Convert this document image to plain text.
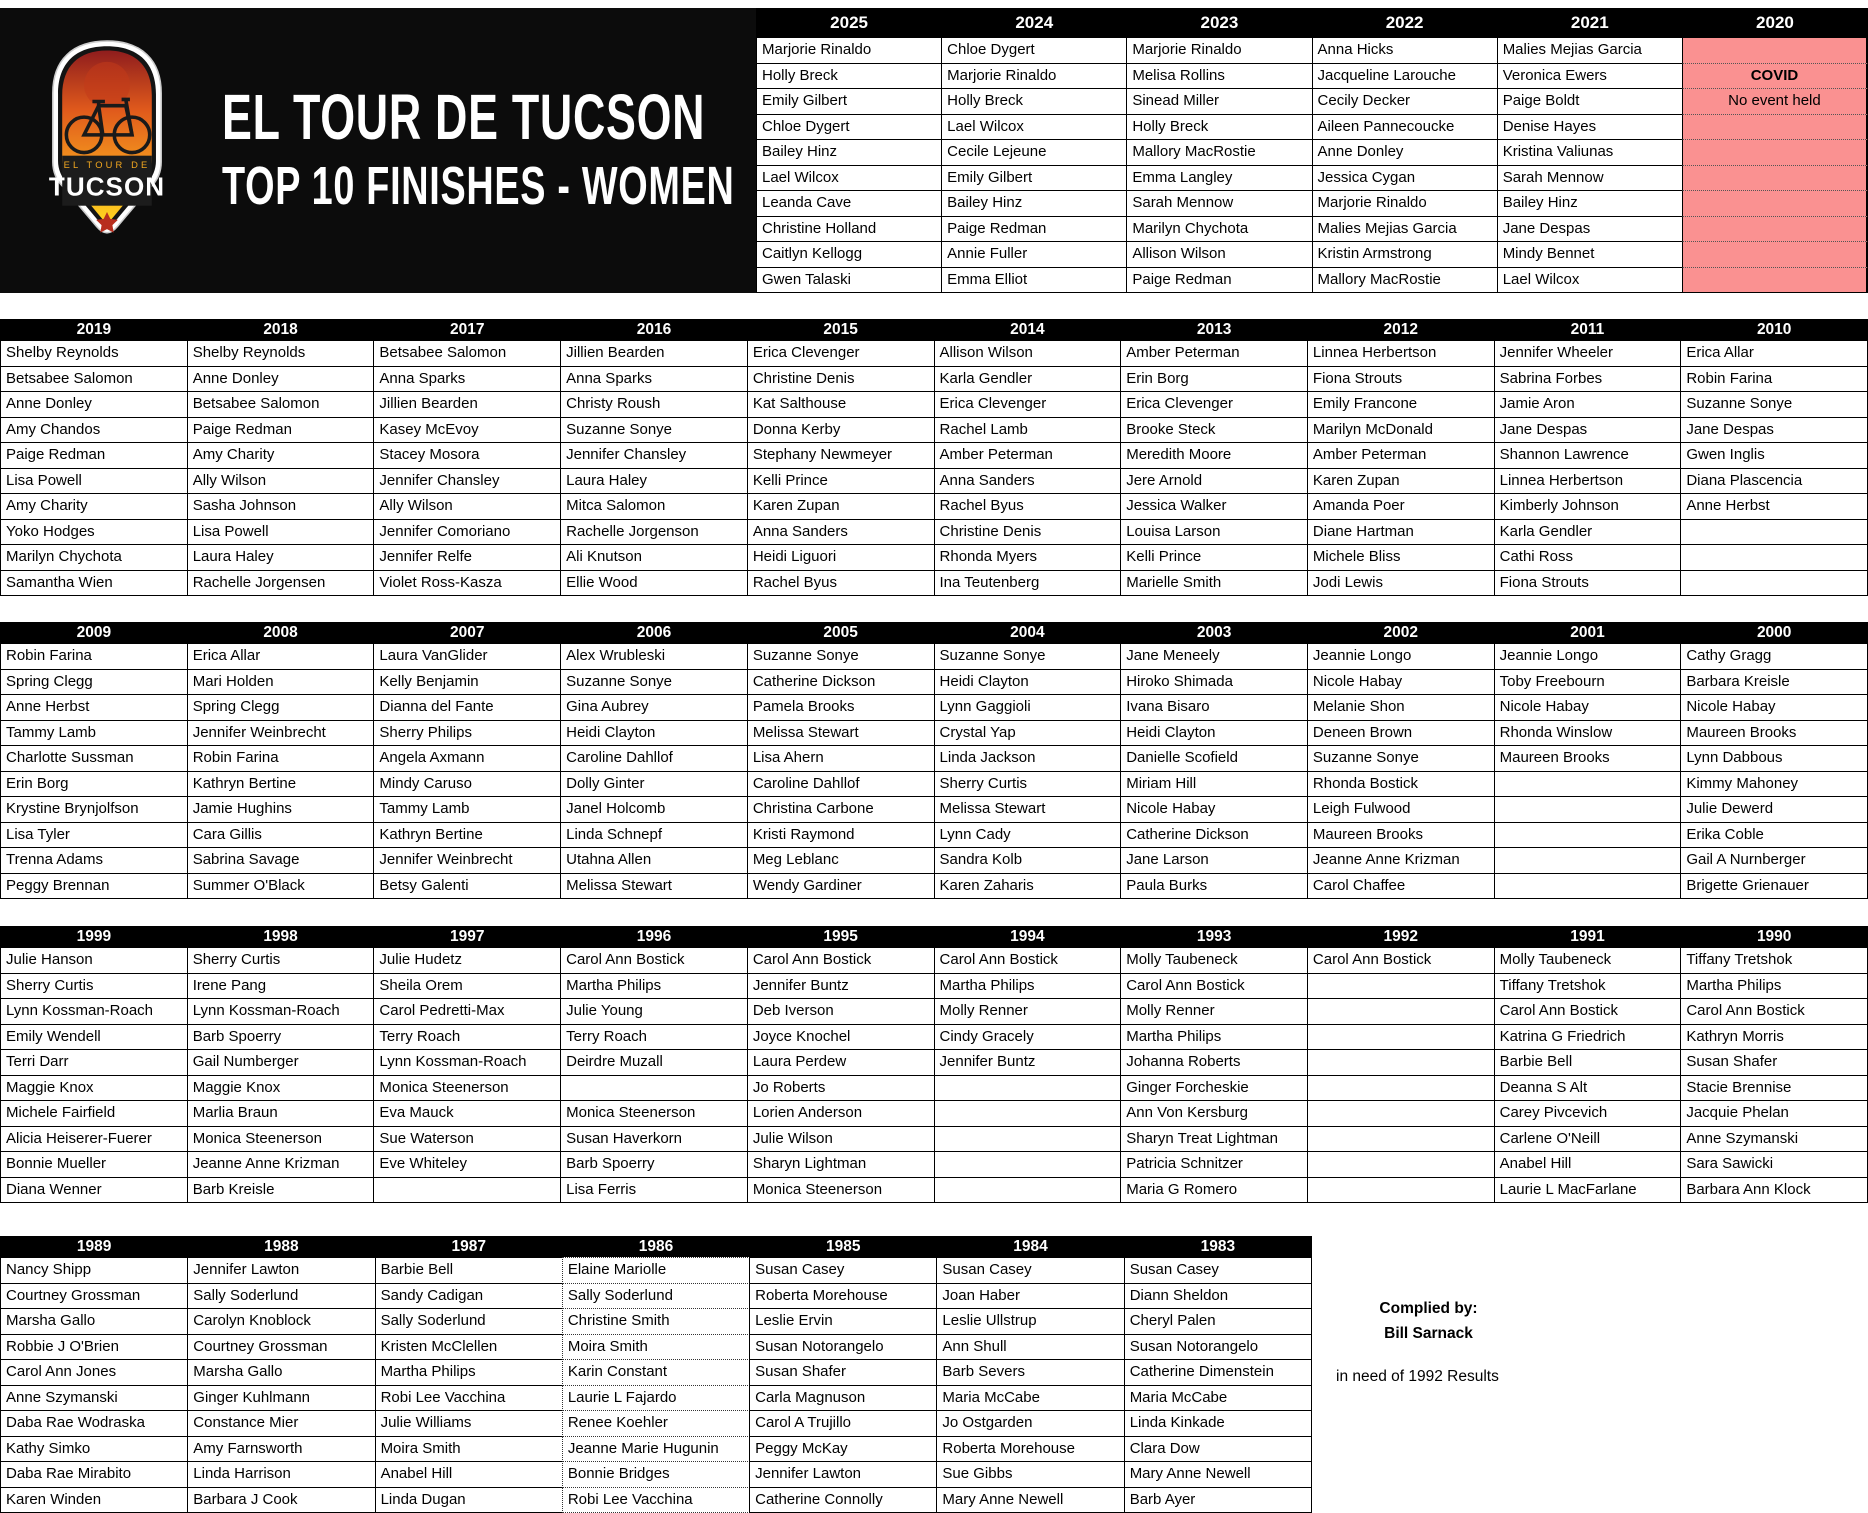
EL TOUR DE
TUCSON
EL TOUR DE TUCSON
TOP 10 FINISHES - WOMEN
2025
Marjorie Rinaldo
Holly Breck
Emily Gilbert
Chloe Dygert
Bailey Hinz
Lael Wilcox
Leanda Cave
Christine Holland
Caitlyn Kellogg
Gwen Talaski
2024
Chloe Dygert
Marjorie Rinaldo
Holly Breck
Lael Wilcox
Cecile Lejeune
Emily Gilbert
Bailey Hinz
Paige Redman
Annie Fuller
Emma Elliot
2023
Marjorie Rinaldo
Melisa Rollins
Sinead Miller
Holly Breck
Mallory MacRostie
Emma Langley
Sarah Mennow
Marilyn Chychota
Allison Wilson
Paige Redman
2022
Anna Hicks
Jacqueline Larouche
Cecily Decker
Aileen Pannecoucke
Anne Donley
Jessica Cygan
Marjorie Rinaldo
Malies Mejias Garcia
Kristin Armstrong
Mallory MacRostie
2021
Malies Mejias Garcia
Veronica Ewers
Paige Boldt
Denise Hayes
Kristina Valiunas
Sarah Mennow
Bailey Hinz
Jane Despas
Mindy Bennet
Lael Wilcox
2020
COVID
No event held
2019
Shelby Reynolds
Betsabee Salomon
Anne Donley
Amy Chandos
Paige Redman
Lisa Powell
Amy Charity
Yoko Hodges
Marilyn Chychota
Samantha Wien
2018
Shelby Reynolds
Anne Donley
Betsabee Salomon
Paige Redman
Amy Charity
Ally Wilson
Sasha Johnson
Lisa Powell
Laura Haley
Rachelle Jorgensen
2017
Betsabee Salomon
Anna Sparks
Jillien Bearden
Kasey McEvoy
Stacey Mosora
Jennifer Chansley
Ally Wilson
Jennifer Comoriano
Jennifer Relfe
Violet Ross-Kasza
2016
Jillien Bearden
Anna Sparks
Christy Roush
Suzanne Sonye
Jennifer Chansley
Laura Haley
Mitca Salomon
Rachelle Jorgenson
Ali Knutson
Ellie Wood
2015
Erica Clevenger
Christine Denis
Kat Salthouse
Donna Kerby
Stephany Newmeyer
Kelli Prince
Karen Zupan
Anna Sanders
Heidi Liguori
Rachel Byus
2014
Allison Wilson
Karla Gendler
Erica Clevenger
Rachel Lamb
Amber Peterman
Anna Sanders
Rachel Byus
Christine Denis
Rhonda Myers
Ina Teutenberg
2013
Amber Peterman
Erin Borg
Erica Clevenger
Brooke Steck
Meredith Moore
Jere Arnold
Jessica Walker
Louisa Larson
Kelli Prince
Marielle Smith
2012
Linnea Herbertson
Fiona Strouts
Emily Francone
Marilyn McDonald
Amber Peterman
Karen Zupan
Amanda Poer
Diane Hartman
Michele Bliss
Jodi Lewis
2011
Jennifer Wheeler
Sabrina Forbes
Jamie Aron
Jane Despas
Shannon Lawrence
Linnea Herbertson
Kimberly Johnson
Karla Gendler
Cathi Ross
Fiona Strouts
2010
Erica Allar
Robin Farina
Suzanne Sonye
Jane Despas
Gwen Inglis
Diana Plascencia
Anne Herbst
2009
Robin Farina
Spring Clegg
Anne Herbst
Tammy Lamb
Charlotte Sussman
Erin Borg
Krystine Brynjolfson
Lisa Tyler
Trenna Adams
Peggy Brennan
2008
Erica Allar
Mari Holden
Spring Clegg
Jennifer Weinbrecht
Robin Farina
Kathryn Bertine
Jamie Hughins
Cara Gillis
Sabrina Savage
Summer O'Black
2007
Laura VanGlider
Kelly Benjamin
Dianna del Fante
Sherry Philips
Angela Axmann
Mindy Caruso
Tammy Lamb
Kathryn Bertine
Jennifer Weinbrecht
Betsy Galenti
2006
Alex Wrubleski
Suzanne Sonye
Gina Aubrey
Heidi Clayton
Caroline Dahllof
Dolly Ginter
Janel Holcomb
Linda Schnepf
Utahna Allen
Melissa Stewart
2005
Suzanne Sonye
Catherine Dickson
Pamela Brooks
Melissa Stewart
Lisa Ahern
Caroline Dahllof
Christina Carbone
Kristi Raymond
Meg Leblanc
Wendy Gardiner
2004
Suzanne Sonye
Heidi Clayton
Lynn Gaggioli
Crystal Yap
Linda Jackson
Sherry Curtis
Melissa Stewart
Lynn Cady
Sandra Kolb
Karen Zaharis
2003
Jane Meneely
Hiroko Shimada
Ivana Bisaro
Heidi Clayton
Danielle Scofield
Miriam Hill
Nicole Habay
Catherine Dickson
Jane Larson
Paula Burks
2002
Jeannie Longo
Nicole Habay
Melanie Shon
Deneen Brown
Suzanne Sonye
Rhonda Bostick
Leigh Fulwood
Maureen Brooks
Jeanne Anne Krizman
Carol Chaffee
2001
Jeannie Longo
Toby Freebourn
Nicole Habay
Rhonda Winslow
Maureen Brooks
2000
Cathy Gragg
Barbara Kreisle
Nicole Habay
Maureen Brooks
Lynn Dabbous
Kimmy Mahoney
Julie Dewerd
Erika Coble
Gail A Nurnberger
Brigette Grienauer
1999
Julie Hanson
Sherry Curtis
Lynn Kossman-Roach
Emily Wendell
Terri Darr
Maggie Knox
Michele Fairfield
Alicia Heiserer-Fuerer
Bonnie Mueller
Diana Wenner
1998
Sherry Curtis
Irene Pang
Lynn Kossman-Roach
Barb Spoerry
Gail Numberger
Maggie Knox
Marlia Braun
Monica Steenerson
Jeanne Anne Krizman
Barb Kreisle
1997
Julie Hudetz
Sheila Orem
Carol Pedretti-Max
Terry Roach
Lynn Kossman-Roach
Monica Steenerson
Eva Mauck
Sue Waterson
Eve Whiteley
1996
Carol Ann Bostick
Martha Philips
Julie Young
Terry Roach
Deirdre Muzall
Monica Steenerson
Susan Haverkorn
Barb Spoerry
Lisa Ferris
1995
Carol Ann Bostick
Jennifer Buntz
Deb Iverson
Joyce Knochel
Laura Perdew
Jo Roberts
Lorien Anderson
Julie Wilson
Sharyn Lightman
Monica Steenerson
1994
Carol Ann Bostick
Martha Philips
Molly Renner
Cindy Gracely
Jennifer Buntz
1993
Molly Taubeneck
Carol Ann Bostick
Molly Renner
Martha Philips
Johanna Roberts
Ginger Forcheskie
Ann Von Kersburg
Sharyn Treat Lightman
Patricia Schnitzer
Maria G Romero
1992
Carol Ann Bostick
1991
Molly Taubeneck
Tiffany Tretshok
Carol Ann Bostick
Katrina G Friedrich
Barbie Bell
Deanna S Alt
Carey Pivcevich
Carlene O'Neill
Anabel Hill
Laurie L MacFarlane
1990
Tiffany Tretshok
Martha Philips
Carol Ann Bostick
Kathryn Morris
Susan Shafer
Stacie Brennise
Jacquie Phelan
Anne Szymanski
Sara Sawicki
Barbara Ann Klock
1989
Nancy Shipp
Courtney Grossman
Marsha Gallo
Robbie J O'Brien
Carol Ann Jones
Anne Szymanski
Daba Rae Wodraska
Kathy Simko
Daba Rae Mirabito
Karen Winden
1988
Jennifer Lawton
Sally Soderlund
Carolyn Knoblock
Courtney Grossman
Marsha Gallo
Ginger Kuhlmann
Constance Mier
Amy Farnsworth
Linda Harrison
Barbara J Cook
1987
Barbie Bell
Sandy Cadigan
Sally Soderlund
Kristen McClellen
Martha Philips
Robi Lee Vacchina
Julie Williams
Moira Smith
Anabel Hill
Linda Dugan
1986
Elaine Mariolle
Sally Soderlund
Christine Smith
Moira Smith
Karin Constant
Laurie L Fajardo
Renee Koehler
Jeanne Marie Hugunin
Bonnie Bridges
Robi Lee Vacchina
1985
Susan Casey
Roberta Morehouse
Leslie Ervin
Susan Notorangelo
Susan Shafer
Carla Magnuson
Carol A Trujillo
Peggy McKay
Jennifer Lawton
Catherine Connolly
1984
Susan Casey
Joan Haber
Leslie Ullstrup
Ann Shull
Barb Severs
Maria McCabe
Jo Ostgarden
Roberta Morehouse
Sue Gibbs
Mary Anne Newell
1983
Susan Casey
Diann Sheldon
Cheryl Palen
Susan Notorangelo
Catherine Dimenstein
Maria McCabe
Linda Kinkade
Clara Dow
Mary Anne Newell
Barb Ayer
Complied by:
Bill Sarnack
in need of 1992 Results
